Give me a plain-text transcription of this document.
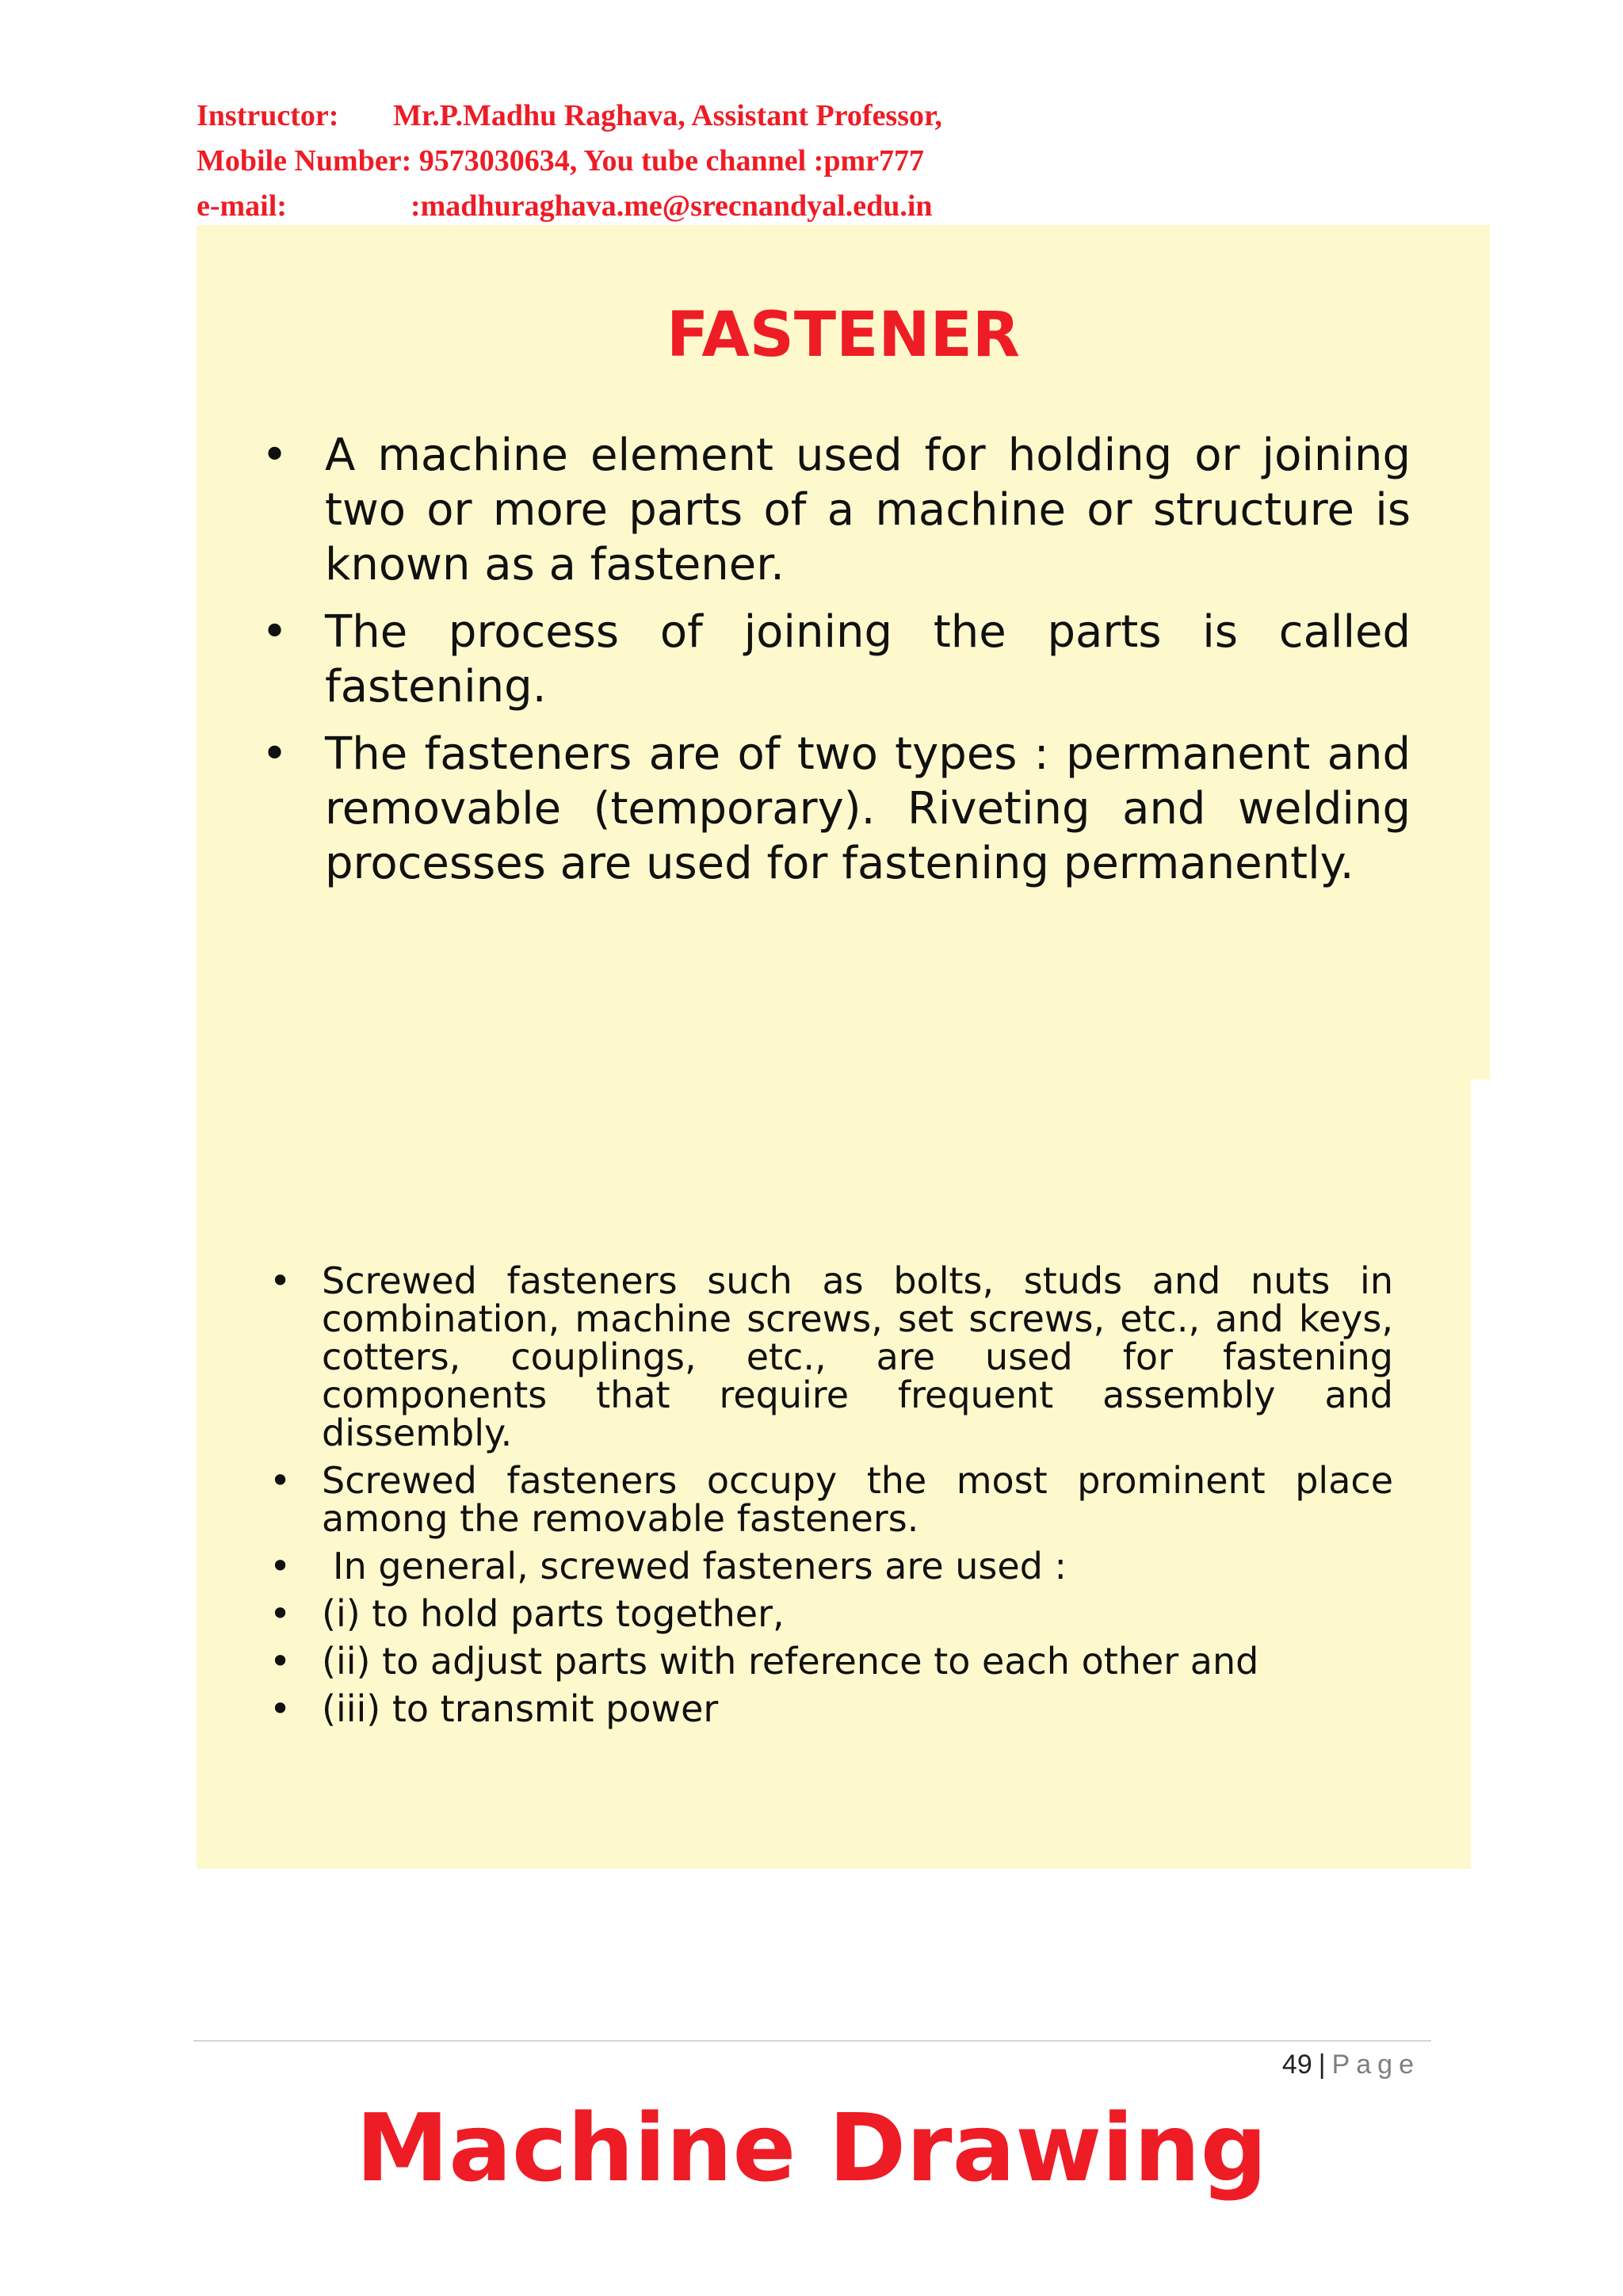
Instructor:	Mr.P.Madhu Raghava, Assistant Professor,
Mobile Number: 9573030634, You tube channel :pmr777
e-mail:	:madhuraghava.me@srecnandyal.edu.in
FASTENER
• A machine element used for holding or joining two or more parts of a machine or structure is known as a fastener.
• The process of joining the parts is called fastening.
• The fasteners are of two types : permanent and removable (temporary). Riveting and welding processes are used for fastening permanently.
• Screwed fasteners such as bolts, studs and nuts in combination, machine screws, set screws, etc., and keys, cotters, couplings, etc., are used for fastening components that require frequent assembly and dissembly.
• Screwed fasteners occupy the most prominent place among the removable fasteners.
• In general, screwed fasteners are used :
• (i) to hold parts together,
• (ii) to adjust parts with reference to each other and
• (iii) to transmit power
49 | Page
Machine Drawing
